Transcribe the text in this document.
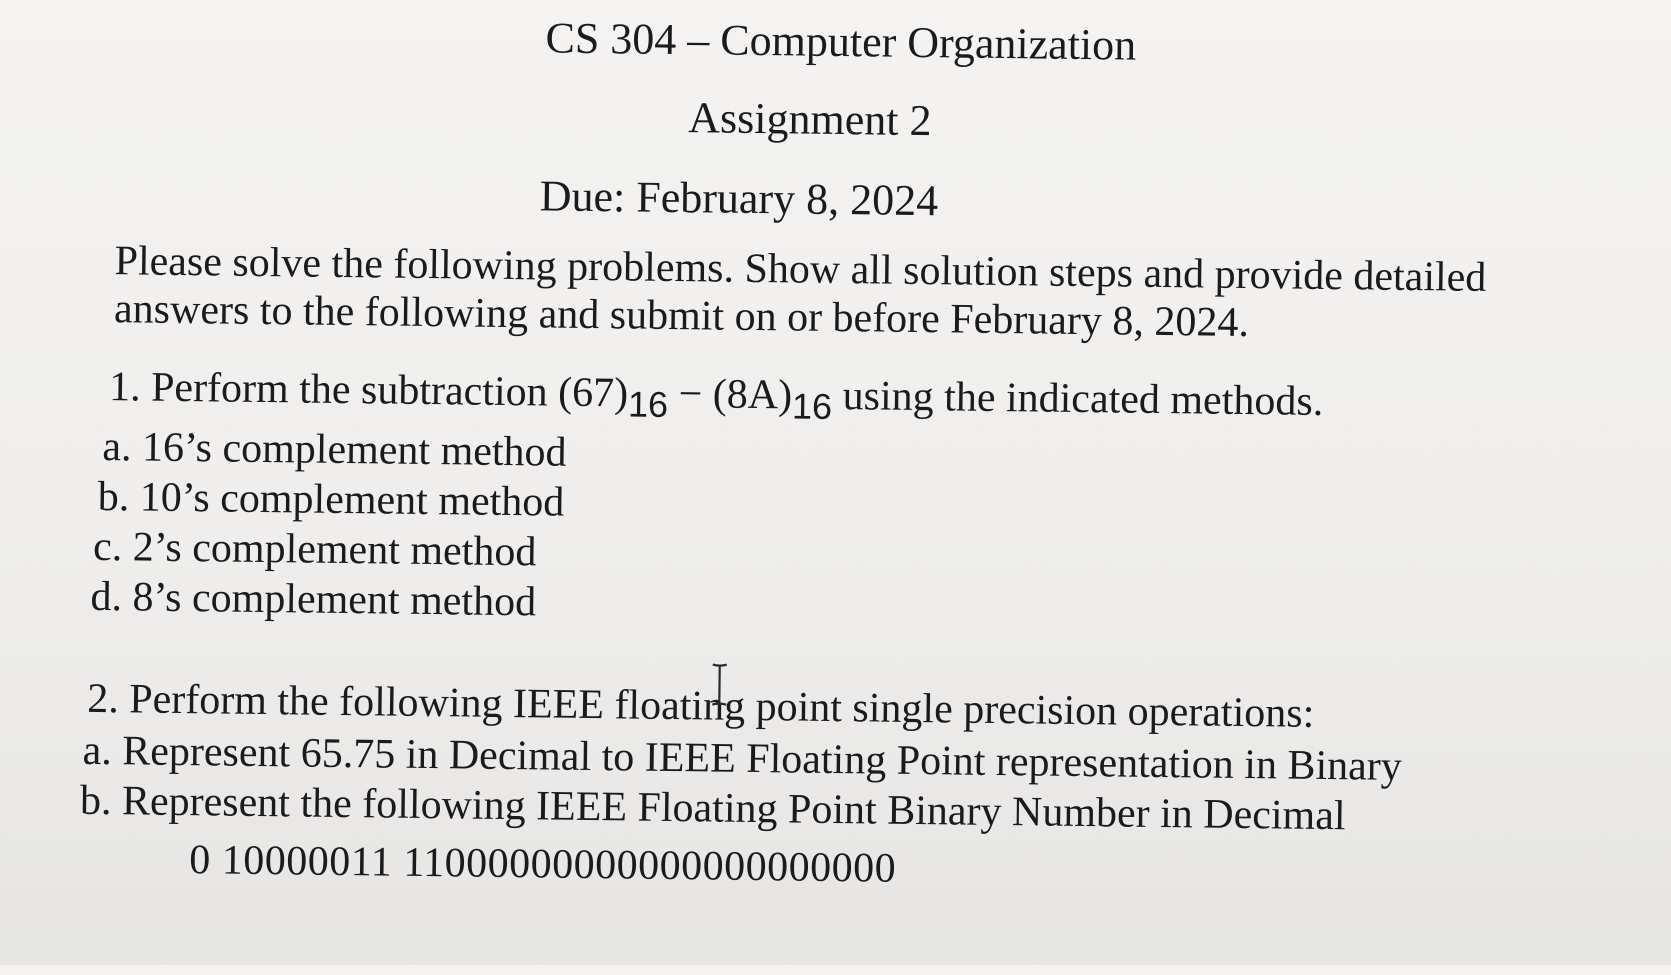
CS 304 – Computer Organization
Assignment 2
Due: February 8, 2024
Please solve the following problems. Show all solution steps and provide detailed
answers to the following and submit on or before February 8, 2024.
1. Perform the subtraction (67)16 − (8A)16 using the indicated methods.
a. 16’s complement method
b. 10’s complement method
c. 2’s complement method
d. 8’s complement method
2. Perform the following IEEE floating point single precision operations:
a. Represent 65.75 in Decimal to IEEE Floating Point representation in Binary
b. Represent the following IEEE Floating Point Binary Number in Decimal
0 10000011 11000000000000000000000
